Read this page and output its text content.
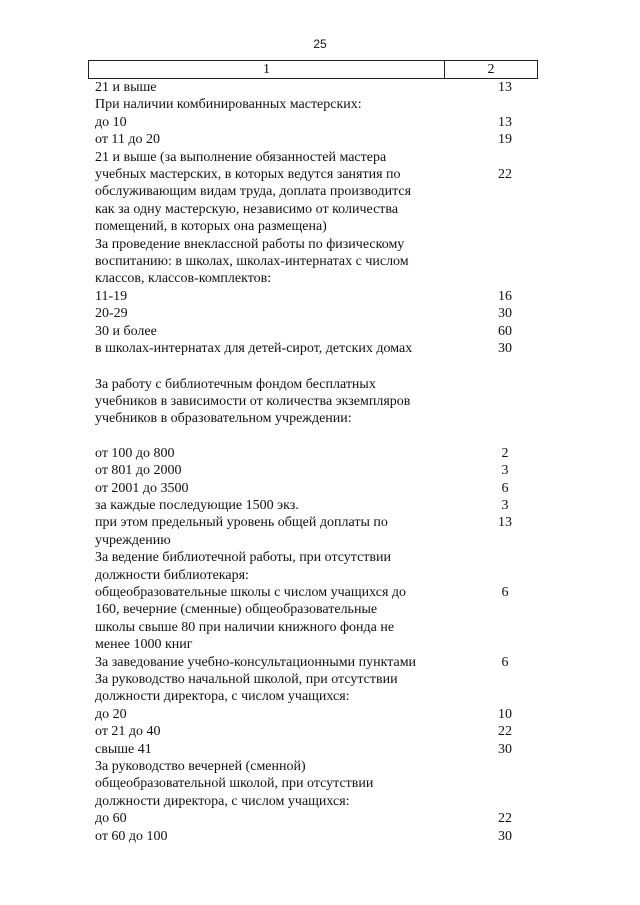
25
1	2
21 и выше	13
При наличии комбинированных мастерских:
до 10	13
от 11 до 20	19
21 и выше (за выполнение обязанностей мастера
учебных мастерских, в которых ведутся занятия по	22
обслуживающим видам труда, доплата производится
как за одну мастерскую, независимо от количества
помещений, в которых она размещена)
За проведение внеклассной работы по физическому
воспитанию: в школах, школах-интернатах с числом
классов, классов-комплектов:
11-19	16
20-29	30
30 и более	60
в школах-интернатах для детей-сирот, детских домах	30
За работу с библиотечным фондом бесплатных
учебников в зависимости от количества экземпляров
учебников в образовательном учреждении:
от 100 до 800	2
от 801 до 2000	3
от 2001 до 3500	6
за каждые последующие 1500 экз.	3
при этом предельный уровень общей доплаты по	13
учреждению
За ведение библиотечной работы, при отсутствии
должности библиотекаря:
общеобразовательные школы с числом учащихся до	6
160, вечерние (сменные) общеобразовательные
школы свыше 80 при наличии книжного фонда не
менее 1000 книг
За заведование учебно-консультационными пунктами	6
За руководство начальной школой, при отсутствии
должности директора, с числом учащихся:
до 20	10
от 21 до 40	22
свыше 41	30
За руководство вечерней (сменной)
общеобразовательной школой, при отсутствии
должности директора, с числом учащихся:
до 60	22
от 60 до 100	30
